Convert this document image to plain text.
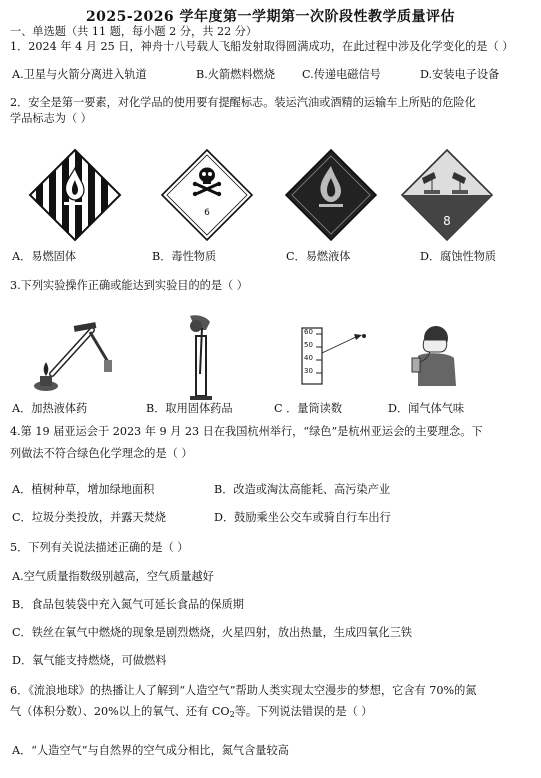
2025-2026 学年度第一学期第一次阶段性教学质量评估
一、单选题（共 11 题，每小题 2 分，共 22 分）
1．2024 年 4 月 25 日，神舟十八号载人飞船发射取得圆满成功，在此过程中涉及化学变化的是（ ）
A.卫星与火箭分离进入轨道	B.火箭燃料燃烧 C.传递电磁信号	D.安装电子设备
2．安全是第一要素，对化学品的使用要有提醒标志。装运汽油或酒精的运输车上所贴的危险化
学品标志为（ ）
6
8
A．易燃固体	B．毒性物质	C．易燃液体	D．腐蚀性物质
3.下列实验操作正确或能达到实验目的的是（ ）
60
50
40
30
A．加热液体药	B．取用固体药品	C ．量筒读数	D．闻气体气味
4.第 19 届亚运会于 2023 年 9 月 23 日在我国杭州举行，“绿色”是杭州亚运会的主要理念。下
列做法不符合绿色化学理念的是（ ）
A．植树种草，增加绿地面积	B．改造或淘汰高能耗、高污染产业
C．垃圾分类投放，并露天焚烧	D．鼓励乘坐公交车或骑自行车出行
5．下列有关说法描述正确的是（ ）
A.空气质量指数级别越高，空气质量越好
B．食品包装袋中充入氮气可延长食品的保质期
C．铁丝在氧气中燃烧的现象是剧烈燃烧，火星四射，放出热量，生成四氧化三铁
D．氧气能支持燃烧，可做燃料
6．《流浪地球》的热播让人了解到“人造空气”帮助人类实现太空漫步的梦想，它含有 70%的氮
气（体积分数）、20%以上的氧气、还有 $CO_2$等。下列说法错误的是（ ）
A．“人造空气”与自然界的空气成分相比，氮气含量较高
